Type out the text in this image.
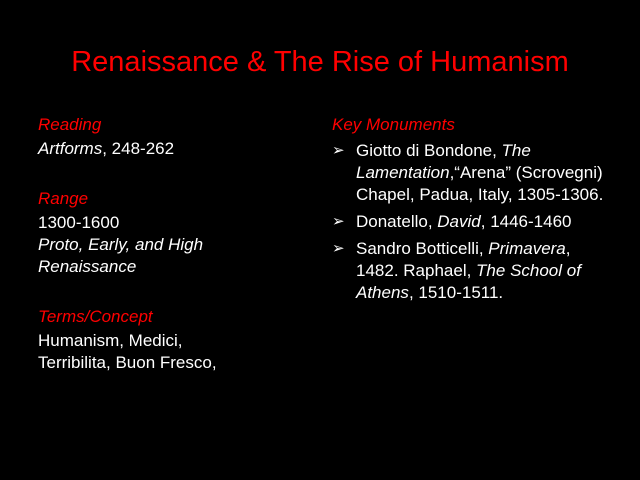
Renaissance & The Rise of Humanism
Reading
Artforms, 248-262
Range
1300-1600
Proto, Early, and High
Renaissance
Terms/Concept
Humanism, Medici,
Terribilita, Buon Fresco,
Key Monuments
➢ Giotto di Bondone, The Lamentation,“Arena” (Scrovegni) Chapel, Padua, Italy, 1305-1306.
➢ Donatello, David, 1446-1460
➢ Sandro Botticelli, Primavera, 1482. Raphael, The School of Athens, 1510-1511.
